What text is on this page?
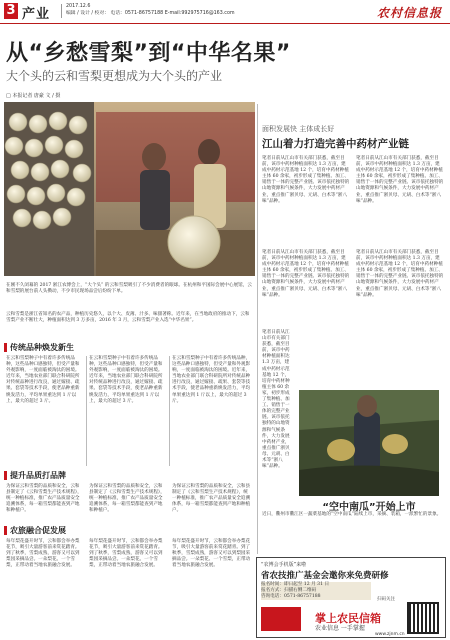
3 产业
2017.12.6
编辑 / 设计 / 校对： 电话：0571-86757188 E-mail:992975716@163.com	农村信息报
从“乡愁雪梨”到“中华名果”
大个头的云和雪梨更想成为大个头的产业
□ 本报记者 唐豪 文 / 摄
在刚不久闭幕的 2017 浙江农博会上，“大个头” 的云和雪梨吸引了不少消费者的眼球。在杭州和平国际会展中心展馆，云和雪梨的展台前人头攒动，不少市民现场品尝后纷纷下单。
云和雪梨是浙江省知名的农产品，种植历史悠久，以个大、皮薄、汁多、味甜著称。近年来，在当地政府的推动下，云和雪梨产业不断壮大，种植面积达到 3 万多亩，2016 年 3 月，云和雪梨产业入选“中华名果”。
传统品种焕发新生
在云和雪梨种子中有着许多传统品种，这些品种口感独特，但受产量和外观影响，一度面临被淘汰的困境。近年来，当地农业部门联合科研院所对传统品种进行改良，通过嫁接、疏果、套袋等技术手段，使老品种重新焕发活力，平均单果重达到 1 斤以上，最大的超过 3 斤。
在云和雪梨种子中有着许多传统品种，这些品种口感独特，但受产量和外观影响，一度面临被淘汰的困境。近年来，当地农业部门联合科研院所对传统品种进行改良，通过嫁接、疏果、套袋等技术手段，使老品种重新焕发活力，平均单果重达到 1 斤以上，最大的超过 3 斤。
在云和雪梨种子中有着许多传统品种，这些品种口感独特，但受产量和外观影响，一度面临被淘汰的困境。近年来，当地农业部门联合科研院所对传统品种进行改良，通过嫁接、疏果、套袋等技术手段，使老品种重新焕发活力，平均单果重达到 1 斤以上，最大的超过 3 斤。
提升品质打品牌
为保证云和雪梨的品质和安全，云和县制定了《云和雪梨生产技术规程》，统一种植标准，推广农产品质量安全追溯体系，每一箱雪梨都能查到产地和种植户。
为保证云和雪梨的品质和安全，云和县制定了《云和雪梨生产技术规程》，统一种植标准，推广农产品质量安全追溯体系，每一箱雪梨都能查到产地和种植户。
为保证云和雪梨的品质和安全，云和县制定了《云和雪梨生产技术规程》，统一种植标准，推广农产品质量安全追溯体系，每一箱雪梨都能查到产地和种植户。
农旅融合促发展
每年梨花盛开时节，云和都会举办梨花节，吸引大量游客前来赏花踏青。到了秋季，雪梨成熟，游客又可以到梨园采摘品尝。一朵梨花、一个雪梨，正带动着当地农旅融合发展。
每年梨花盛开时节，云和都会举办梨花节，吸引大量游客前来赏花踏青。到了秋季，雪梨成熟，游客又可以到梨园采摘品尝。一朵梨花、一个雪梨，正带动着当地农旅融合发展。
每年梨花盛开时节，云和都会举办梨花节，吸引大量游客前来赏花踏青。到了秋季，雪梨成熟，游客又可以到梨园采摘品尝。一朵梨花、一个雪梨，正带动着当地农旅融合发展。
面积发展快 主体成长好
江山着力打造完善中药材产业链
笔者日前从江山市有关部门获悉，截至目前，该市中药材种植面积达 1.3 万亩，建成中药材示范基地 12 个，培育中药材种植主体 60 余家，初步形成了集种植、加工、销售于一体的完整产业链。该市依托独特的山地资源和气候条件，大力发展中药材产业，重点推广浙贝母、元胡、白术等“浙八味”品种。
笔者日前从江山市有关部门获悉，截至目前，该市中药材种植面积达 1.3 万亩，建成中药材示范基地 12 个，培育中药材种植主体 60 余家，初步形成了集种植、加工、销售于一体的完整产业链。该市依托独特的山地资源和气候条件，大力发展中药材产业，重点推广浙贝母、元胡、白术等“浙八味”品种。
笔者日前从江山市有关部门获悉，截至目前，该市中药材种植面积达 1.3 万亩，建成中药材示范基地 12 个，培育中药材种植主体 60 余家，初步形成了集种植、加工、销售于一体的完整产业链。该市依托独特的山地资源和气候条件，大力发展中药材产业，重点推广浙贝母、元胡、白术等“浙八味”品种。
笔者日前从江山市有关部门获悉，截至目前，该市中药材种植面积达 1.3 万亩，建成中药材示范基地 12 个，培育中药材种植主体 60 余家，初步形成了集种植、加工、销售于一体的完整产业链。该市依托独特的山地资源和气候条件，大力发展中药材产业，重点推广浙贝母、元胡、白术等“浙八味”品种。
笔者日前从江山市有关部门获悉，截至目前，该市中药材种植面积达 1.3 万亩，建成中药材示范基地 12 个，培育中药材种植主体 60 余家，初步形成了集种植、加工、销售于一体的完整产业链。该市依托独特的山地资源和气候条件，大力发展中药材产业，重点推广浙贝母、元胡、白术等“浙八味”品种。
“空中南瓜”开始上市
近日，衢州市衢江区一蔬菜基地的“空中南瓜”陆续上市，采摘、装箱，一派繁忙的景象。
“农博会手机版”来啦
省农技推广基金会邀你来免费研修
报名时间：即日起至 12 月 31 日
报名方式：扫描右侧二维码
咨询电话：0571-86757188
掌上农民信箱
农业信息 一手掌握
扫码关注
www.zjnm.cn
